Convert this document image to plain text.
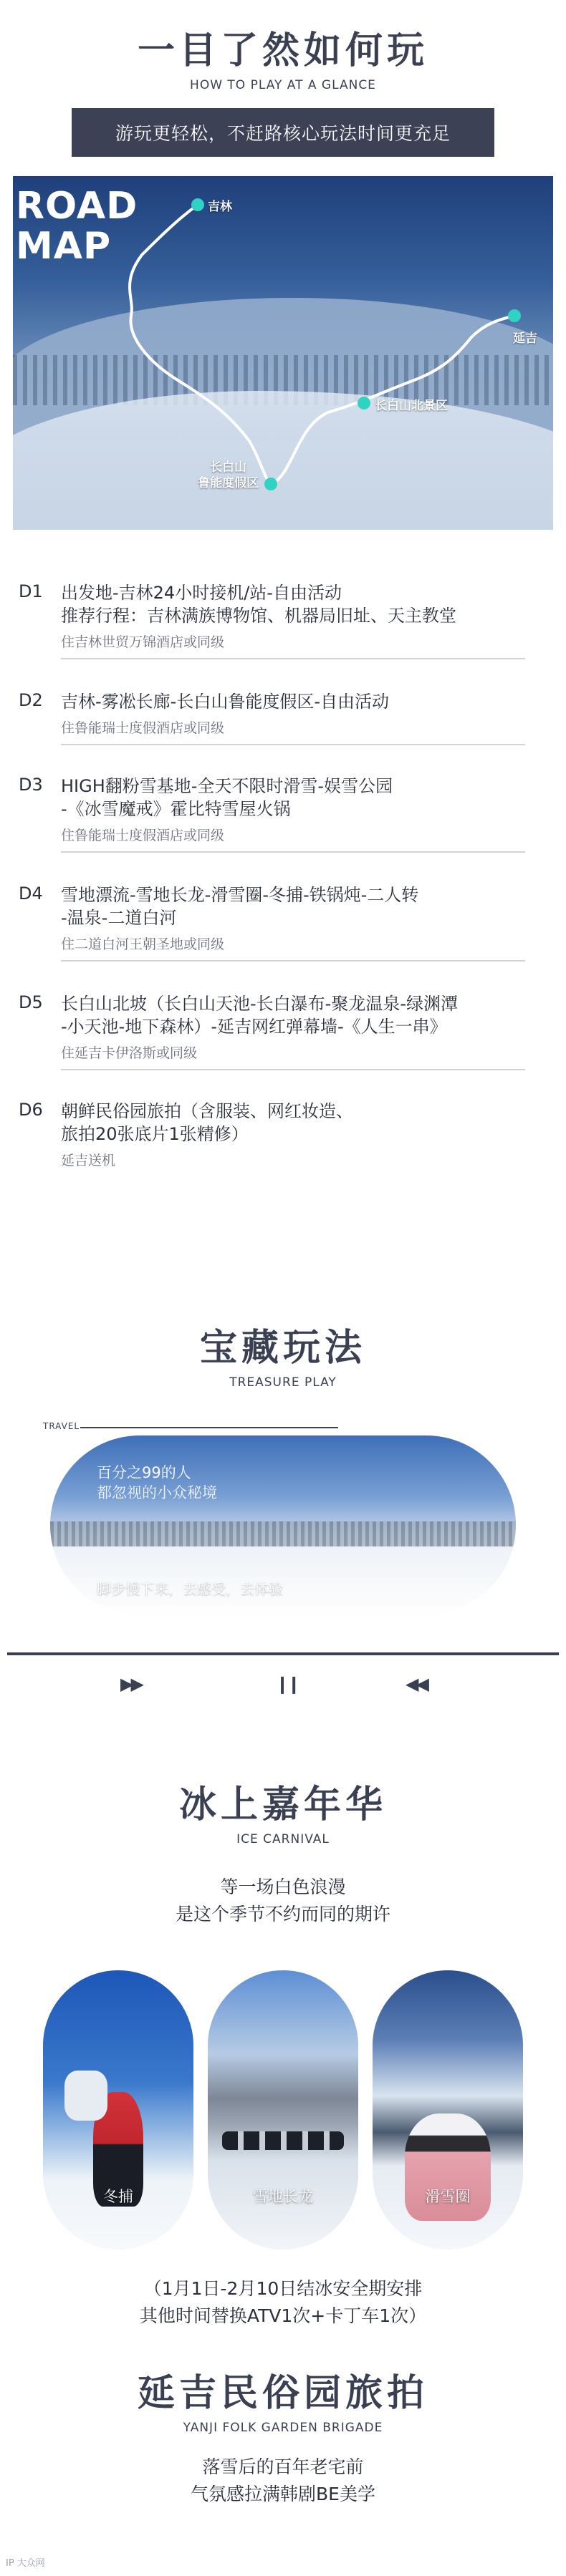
一目了然如何玩
HOW TO PLAY AT A GLANCE
游玩更轻松，不赶路核心玩法时间更充足
ROAD
MAP
吉林
延吉
长白山北景区
长白山
鲁能度假区
D1 出发地-吉林24小时接机/站-自由活动
推荐行程：吉林满族博物馆、机器局旧址、天主教堂
住吉林世贸万锦酒店或同级
D2 吉林-雾凇长廊-长白山鲁能度假区-自由活动
住鲁能瑞士度假酒店或同级
D3 HIGH翻粉雪基地-全天不限时滑雪-娱雪公园
-《冰雪魔戒》霍比特雪屋火锅
住鲁能瑞士度假酒店或同级
D4 雪地漂流-雪地长龙-滑雪圈-冬捕-铁锅炖-二人转
-温泉-二道白河
住二道白河王朝圣地或同级
D5 长白山北坡（长白山天池-长白瀑布-聚龙温泉-绿渊潭
-小天池-地下森林）-延吉网红弹幕墙-《人生一串》
住延吉卡伊洛斯或同级
D6 朝鲜民俗园旅拍（含服装、网红妆造、
旅拍20张底片1张精修）
延吉送机
宝藏玩法
TREASURE PLAY
TRAVEL
百分之99的人
都忽视的小众秘境
脚步慢下来，去感受，去体验
▶▶	❙❙	◀◀
冰上嘉年华
ICE CARNIVAL
等一场白色浪漫
是这个季节不约而同的期许
冬捕	雪地长龙	滑雪圈
（1月1日-2月10日结冰安全期安排
其他时间替换ATV1次+卡丁车1次）
延吉民俗园旅拍
YANJI FOLK GARDEN BRIGADE
落雪后的百年老宅前
气氛感拉满韩剧BE美学
IP 大众网
